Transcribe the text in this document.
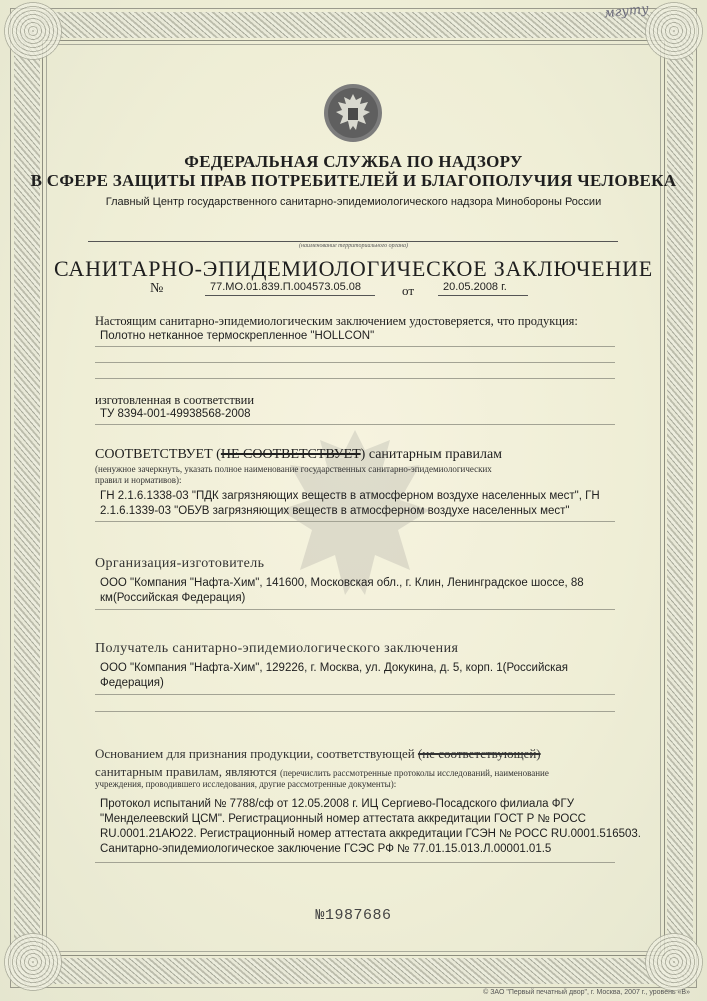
мгуту
ФЕДЕРАЛЬНАЯ СЛУЖБА ПО НАДЗОРУ
В СФЕРЕ ЗАЩИТЫ ПРАВ ПОТРЕБИТЕЛЕЙ И БЛАГОПОЛУЧИЯ ЧЕЛОВЕКА
Главный Центр государственного санитарно-эпидемиологического надзора Минобороны России
(наименование территориального органа)
САНИТАРНО-ЭПИДЕМИОЛОГИЧЕСКОЕ ЗАКЛЮЧЕНИЕ
№	77.МО.01.839.П.004573.05.08	от	20.05.2008 г.
Настоящим санитарно-эпидемиологическим заключением удостоверяется, что продукция:
Полотно нетканное термоскрепленное "HOLLCON"
изготовленная в соответствии
ТУ 8394-001-49938568-2008
СООТВЕТСТВУЕТ (НЕ СООТВЕТСТВУЕТ) санитарным правилам
(ненужное зачеркнуть, указать полное наименование государственных санитарно-эпидемиологических
правил и нормативов):
ГН 2.1.6.1338-03 "ПДК загрязняющих веществ в атмосферном воздухе населенных мест", ГН
2.1.6.1339-03 "ОБУВ загрязняющих веществ в атмосферном воздухе населенных мест"
Организация-изготовитель
ООО "Компания "Нафта-Хим", 141600, Московская обл., г. Клин, Ленинградское шоссе, 88
км(Российская Федерация)
Получатель санитарно-эпидемиологического заключения
ООО "Компания "Нафта-Хим", 129226, г. Москва, ул. Докукина, д. 5, корп. 1(Российская
Федерация)
Основанием для признания продукции, соответствующей (не соответствующей)
санитарным правилам, являются (перечислить рассмотренные протоколы исследований, наименование
учреждения, проводившего исследования, другие рассмотренные документы):
Протокол испытаний № 7788/сф от 12.05.2008 г. ИЦ Сергиево-Посадского филиала ФГУ
"Менделеевский ЦСМ". Регистрационный номер аттестата аккредитации ГОСТ Р № РОСС
RU.0001.21АЮ22. Регистрационный номер аттестата аккредитации ГСЭН № РОСС RU.0001.516503.
Санитарно-эпидемиологическое заключение ГСЭС РФ № 77.01.15.013.Л.00001.01.5
№1987686
© ЗАО "Первый печатный двор", г. Москва, 2007 г., уровень «В»
